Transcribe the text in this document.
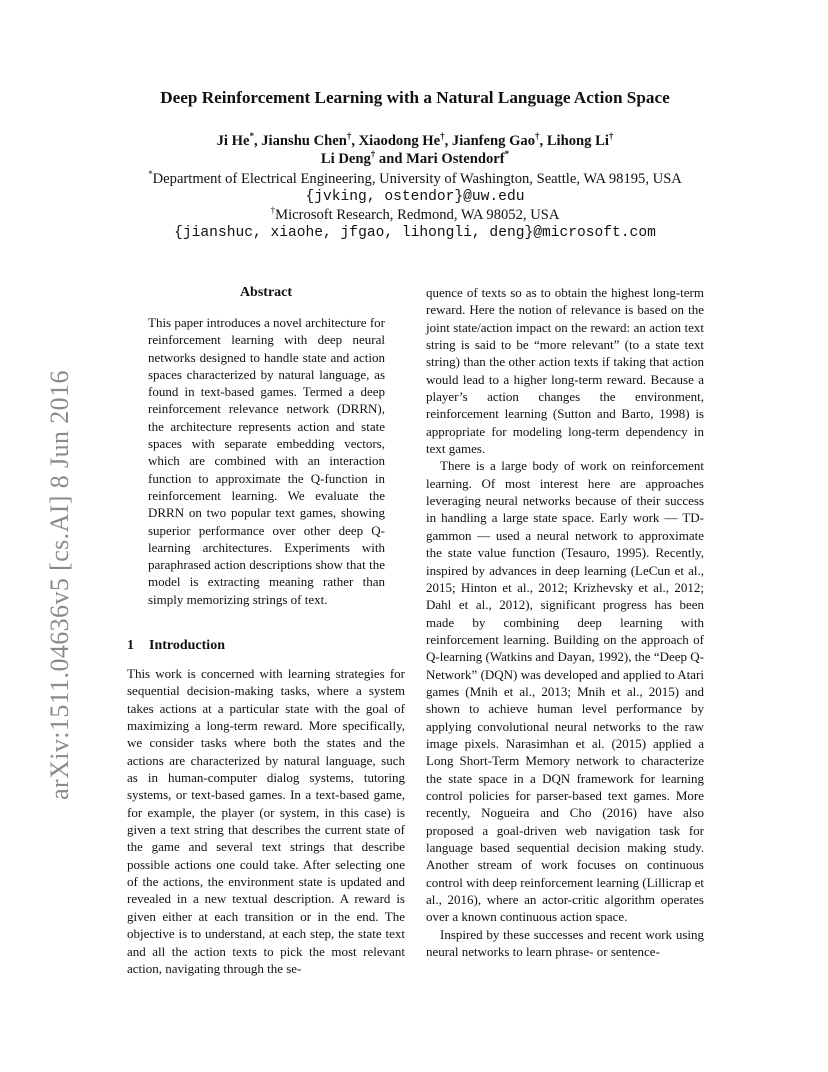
arXiv:1511.04636v5 [cs.AI] 8 Jun 2016
Deep Reinforcement Learning with a Natural Language Action Space
Ji He*, Jianshu Chen†, Xiaodong He†, Jianfeng Gao†, Lihong Li†
Li Deng† and Mari Ostendorf*
*Department of Electrical Engineering, University of Washington, Seattle, WA 98195, USA
{jvking, ostendor}@uw.edu
†Microsoft Research, Redmond, WA 98052, USA
{jianshuc, xiaohe, jfgao, lihongli, deng}@microsoft.com
Abstract

This paper introduces a novel architecture for reinforcement learning with deep neural networks designed to handle state and action spaces characterized by natural language, as found in text-based games. Termed a deep reinforcement relevance network (DRRN), the architecture represents action and state spaces with separate embedding vectors, which are combined with an interaction function to approximate the Q-function in reinforcement learning. We evaluate the DRRN on two popular text games, showing superior performance over other deep Q-learning architectures. Experiments with paraphrased action descriptions show that the model is extracting meaning rather than simply memorizing strings of text.

1 Introduction

This work is concerned with learning strategies for sequential decision-making tasks, where a system takes actions at a particular state with the goal of maximizing a long-term reward. More specifically, we consider tasks where both the states and the actions are characterized by natural language, such as in human-computer dialog systems, tutoring systems, or text-based games. In a text-based game, for example, the player (or system, in this case) is given a text string that describes the current state of the game and several text strings that describe possible actions one could take. After selecting one of the actions, the environment state is updated and revealed in a new textual description. A reward is given either at each transition or in the end. The objective is to understand, at each step, the state text and all the action texts to pick the most relevant action, navigating through the se-

quence of texts so as to obtain the highest long-term reward. Here the notion of relevance is based on the joint state/action impact on the reward: an action text string is said to be “more relevant” (to a state text string) than the other action texts if taking that action would lead to a higher long-term reward. Because a player’s action changes the environment, reinforcement learning (Sutton and Barto, 1998) is appropriate for modeling long-term dependency in text games.

There is a large body of work on reinforcement learning. Of most interest here are approaches leveraging neural networks because of their success in handling a large state space. Early work — TD-gammon — used a neural network to approximate the state value function (Tesauro, 1995). Recently, inspired by advances in deep learning (LeCun et al., 2015; Hinton et al., 2012; Krizhevsky et al., 2012; Dahl et al., 2012), significant progress has been made by combining deep learning with reinforcement learning. Building on the approach of Q-learning (Watkins and Dayan, 1992), the “Deep Q-Network” (DQN) was developed and applied to Atari games (Mnih et al., 2013; Mnih et al., 2015) and shown to achieve human level performance by applying convolutional neural networks to the raw image pixels. Narasimhan et al. (2015) applied a Long Short-Term Memory network to characterize the state space in a DQN framework for learning control policies for parser-based text games. More recently, Nogueira and Cho (2016) have also proposed a goal-driven web navigation task for language based sequential decision making study. Another stream of work focuses on continuous control with deep reinforcement learning (Lillicrap et al., 2016), where an actor-critic algorithm operates over a known continuous action space.

Inspired by these successes and recent work using neural networks to learn phrase- or sentence-
